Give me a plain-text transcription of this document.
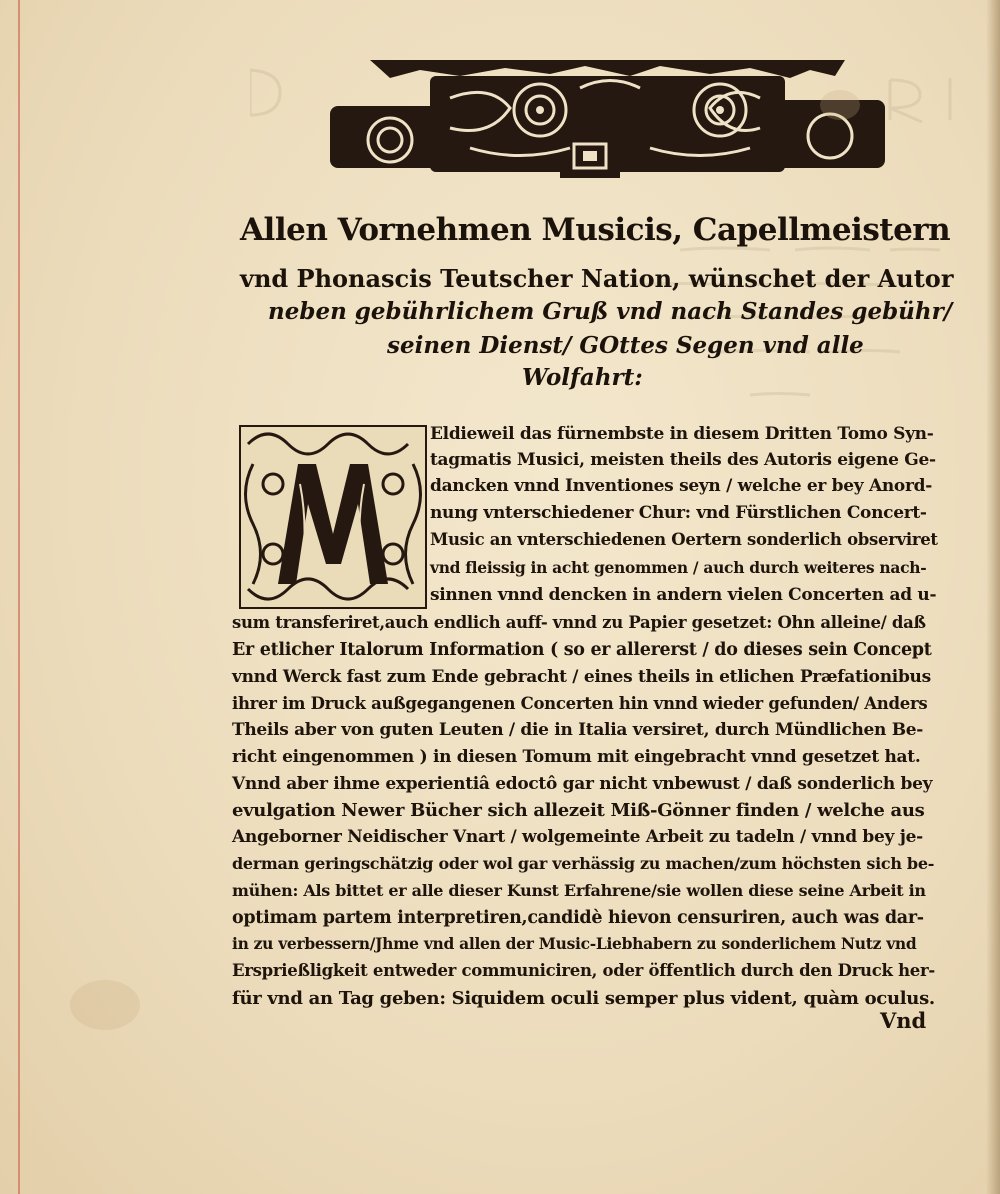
Allen Vornehmen Musicis, Capellmeistern
vnd Phonascis Teutscher Nation, wünschet der Autor
neben gebührlichem Gruß vnd nach Standes gebühr/
seinen Dienst/ GOttes Segen vnd alle
Wolfahrt:
Eldieweil das fürnembste in diesem Dritten Tomo Syn-
tagmatis Musici, meisten theils des Autoris eigene Ge-
dancken vnnd Inventiones seyn / welche er bey Anord-
nung vnterschiedener Chur: vnd Fürstlichen Concert-
Music an vnterschiedenen Oertern sonderlich observiret
vnd fleissig in acht genommen / auch durch weiteres nach-
sinnen vnnd dencken in andern vielen Concerten ad u-
sum transferiret,auch endlich auff- vnnd zu Papier gesetzet: Ohn alleine/ daß
Er etlicher Italorum Information ( so er allererst / do dieses sein Concept
vnnd Werck fast zum Ende gebracht / eines theils in etlichen Præfationibus
ihrer im Druck außgegangenen Concerten hin vnnd wieder gefunden/ Anders
Theils aber von guten Leuten / die in Italia versiret, durch Mündlichen Be-
richt eingenommen ) in diesen Tomum mit eingebracht vnnd gesetzet hat.
Vnnd aber ihme experientiâ edoctô gar nicht vnbewust / daß sonderlich bey
evulgation Newer Bücher sich allezeit Miß-Gönner finden / welche aus
Angeborner Neidischer Vnart / wolgemeinte Arbeit zu tadeln / vnnd bey je-
derman geringschätzig oder wol gar verhässig zu machen/zum höchsten sich be-
mühen: Als bittet er alle dieser Kunst Erfahrene/sie wollen diese seine Arbeit in
optimam partem interpretiren,candidè hievon censuriren, auch was dar-
in zu verbessern/Jhme vnd allen der Music-Liebhabern zu sonderlichem Nutz vnd
Ersprießligkeit entweder communiciren, oder öffentlich durch den Druck her-
für vnd an Tag geben: Siquidem oculi semper plus vident, quàm oculus.
Vnd
